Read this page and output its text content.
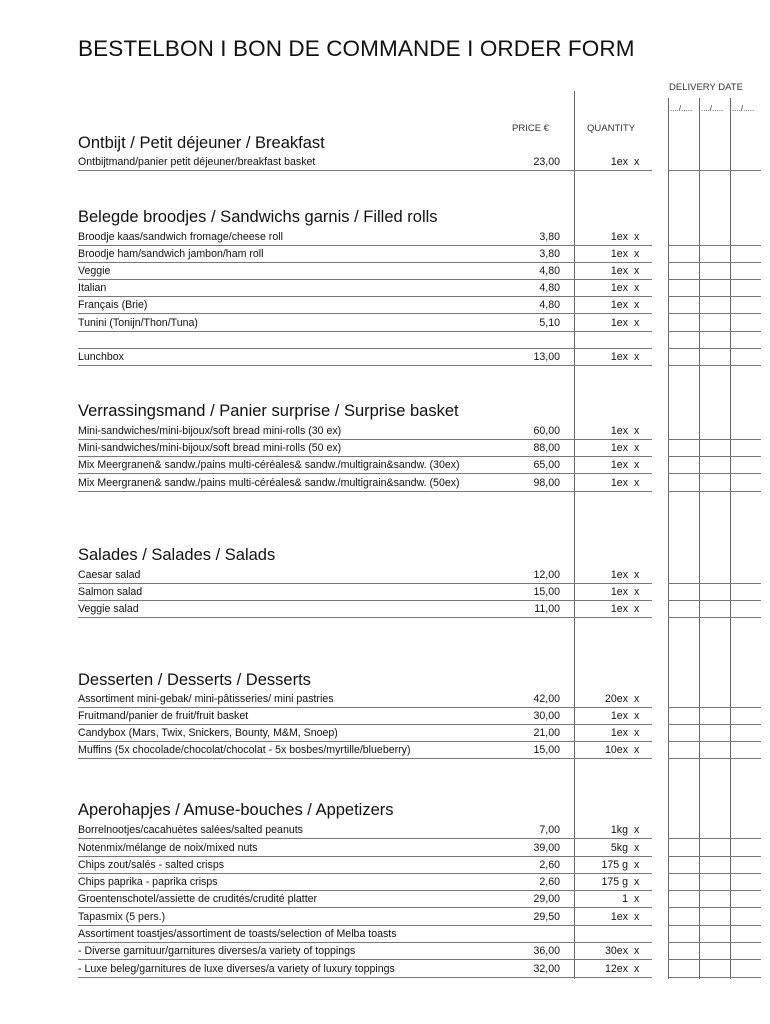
BESTELBON I BON DE COMMANDE I ORDER FORM
DELIVERY DATE
..../..... ..../..... ..../.....
PRICE €	QUANTITY
Ontbijt / Petit déjeuner / Breakfast
Ontbijtmand/panier petit déjeuner/breakfast basket	23,00	1ex x
Belegde broodjes / Sandwichs garnis / Filled rolls
Broodje kaas/sandwich fromage/cheese roll	3,80	1ex x
Broodje ham/sandwich jambon/ham roll	3,80	1ex x
Veggie	4,80	1ex x
Italian	4,80	1ex x
Français (Brie)	4,80	1ex x
Tunini (Tonijn/Thon/Tuna)	5,10	1ex x
Lunchbox	13,00	1ex x
Verrassingsmand / Panier surprise / Surprise basket
Mini-sandwiches/mini-bijoux/soft bread mini-rolls (30 ex)	60,00	1ex x
Mini-sandwiches/mini-bijoux/soft bread mini-rolls (50 ex)	88,00	1ex x
Mix Meergranen& sandw./pains multi-céréales& sandw./multigrain&sandw. (30ex)	65,00	1ex x
Mix Meergranen& sandw./pains multi-céréales& sandw./multigrain&sandw. (50ex)	98,00	1ex x
Salades / Salades / Salads
Caesar salad	12,00	1ex x
Salmon salad	15,00	1ex x
Veggie salad	11,00	1ex x
Desserten / Desserts / Desserts
Assortiment mini-gebak/ mini-pâtisseries/ mini pastries	42,00	20ex x
Fruitmand/panier de fruit/fruit basket	30,00	1ex x
Candybox (Mars, Twix, Snickers, Bounty, M&M, Snoep)	21,00	1ex x
Muffins (5x chocolade/chocolat/chocolat - 5x bosbes/myrtille/blueberry)	15,00	10ex x
Aperohapjes / Amuse-bouches / Appetizers
Borrelnootjes/cacahuètes salées/salted peanuts	7,00	1kg x
Notenmix/mélange de noix/mixed nuts	39,00	5kg x
Chips zout/salés - salted crisps	2,60	175 g x
Chips paprika - paprika crisps	2,60	175 g x
Groentenschotel/assiette de crudités/crudité platter	29,00	1 x
Tapasmix (5 pers.)	29,50	1ex x
Assortiment toastjes/assortiment de toasts/selection of Melba toasts
- Diverse garnituur/garnitures diverses/a variety of toppings	36,00	30ex x
- Luxe beleg/garnitures de luxe diverses/a variety of luxury toppings	32,00	12ex x
